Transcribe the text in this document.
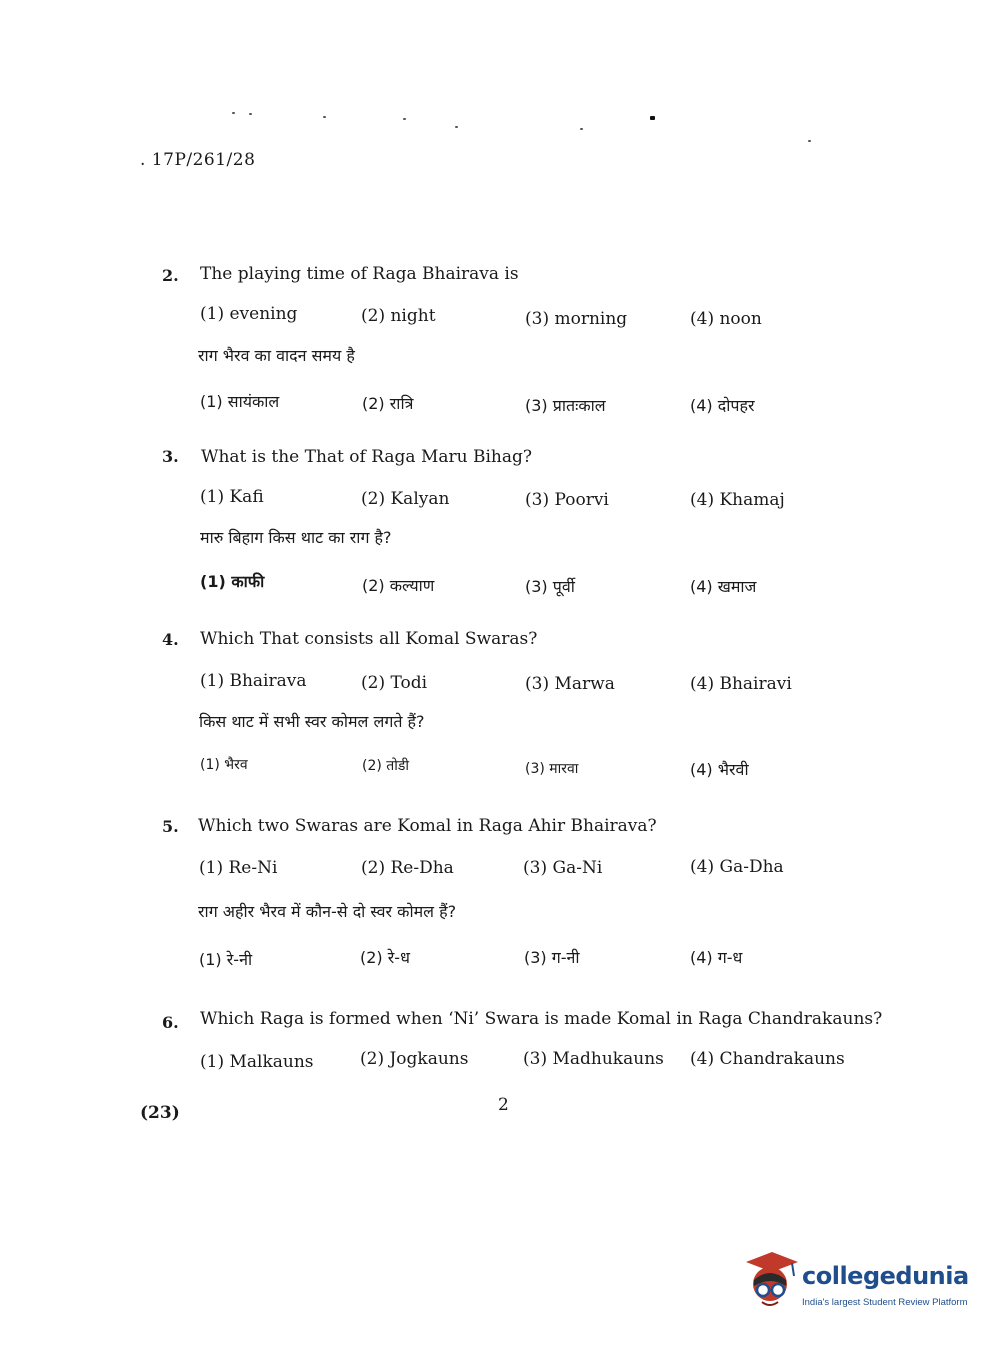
. 17P/261/28
2. The playing time of Raga Bhairava is
(1) evening	(2) night	(3) morning	(4) noon
राग भैरव का वादन समय है
(1) सायंकाल	(2) रात्रि	(3) प्रातःकाल	(4) दोपहर
3. What is the That of Raga Maru Bihag?
(1) Kafi	(2) Kalyan	(3) Poorvi	(4) Khamaj
मारु बिहाग किस थाट का राग है?
(1) काफी	(2) कल्याण	(3) पूर्वी	(4) खमाज
4. Which That consists all Komal Swaras?
(1) Bhairava	(2) Todi	(3) Marwa	(4) Bhairavi
किस थाट में सभी स्वर कोमल लगते हैं?
(1) भैरव	(2) तोडी	(3) मारवा	(4) भैरवी
5. Which two Swaras are Komal in Raga Ahir Bhairava?
(1) Re-Ni	(2) Re-Dha	(3) Ga-Ni	(4) Ga-Dha
राग अहीर भैरव में कौन-से दो स्वर कोमल हैं?
(1) रे-नी	(2) रे-ध	(3) ग-नी	(4) ग-ध
6. Which Raga is formed when ‘Ni’ Swara is made Komal in Raga Chandrakauns?
(1) Malkauns	(2) Jogkauns	(3) Madhukauns (4) Chandrakauns
(23)	2
collegedunia
India's largest Student Review Platform
